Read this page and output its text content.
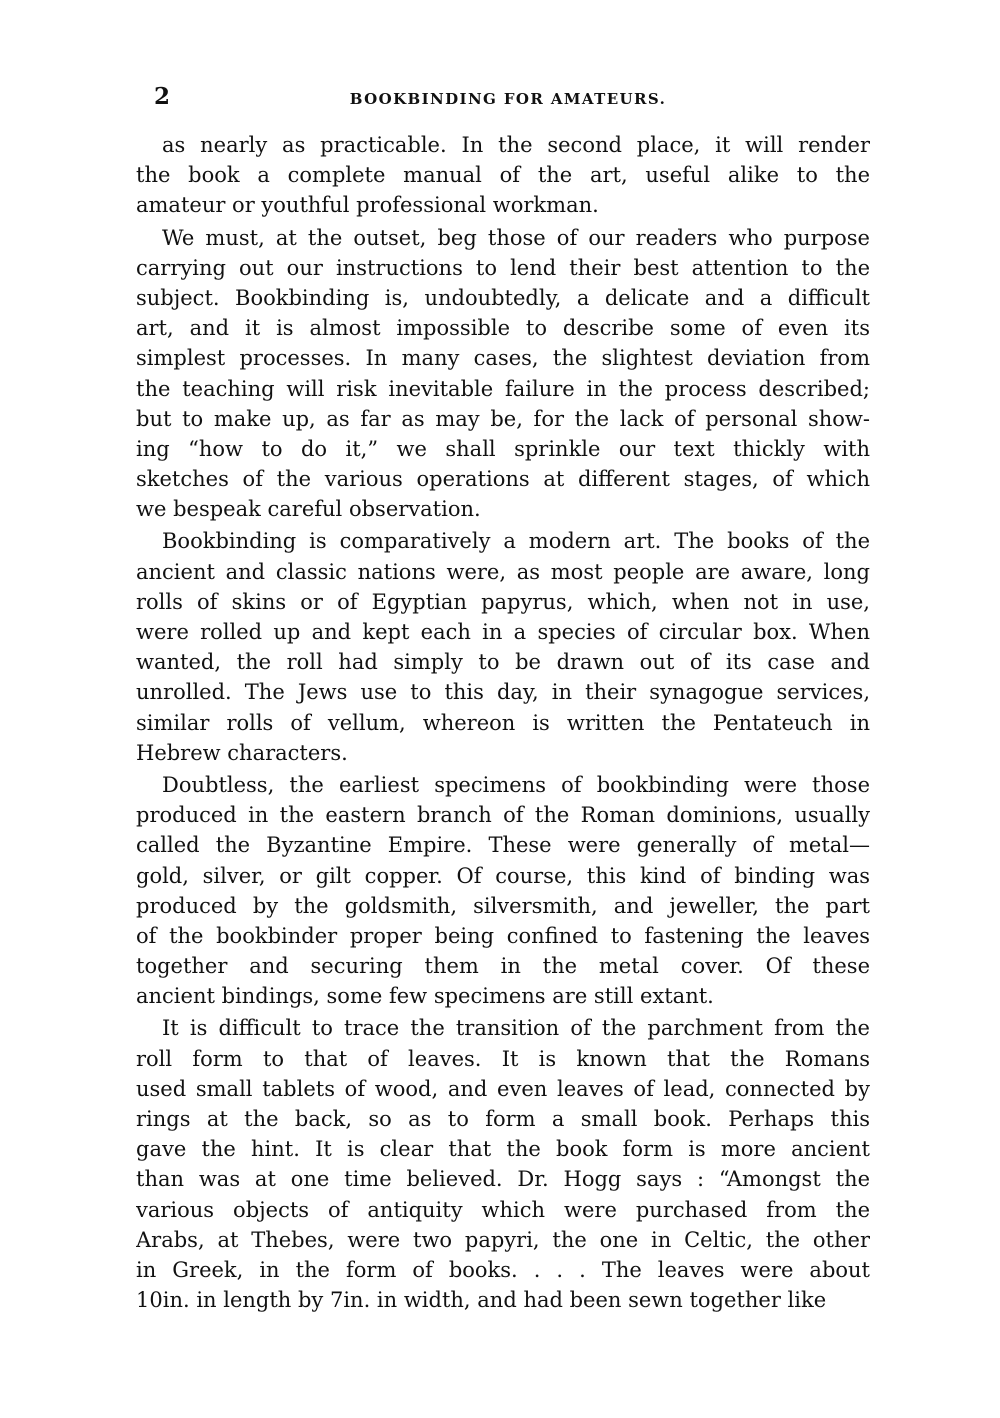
2	BOOKBINDING FOR AMATEURS.
as nearly as practicable. In the second place, it will render
the book a complete manual of the art, useful alike to the
amateur or youthful professional workman.
We must, at the outset, beg those of our readers who purpose
carrying out our instructions to lend their best attention to the
subject. Bookbinding is, undoubtedly, a delicate and a difficult
art, and it is almost impossible to describe some of even its
simplest processes. In many cases, the slightest deviation from
the teaching will risk inevitable failure in the process described;
but to make up, as far as may be, for the lack of personal show-
ing “how to do it,” we shall sprinkle our text thickly with
sketches of the various operations at different stages, of which
we bespeak careful observation.
Bookbinding is comparatively a modern art. The books of the
ancient and classic nations were, as most people are aware, long
rolls of skins or of Egyptian papyrus, which, when not in use,
were rolled up and kept each in a species of circular box. When
wanted, the roll had simply to be drawn out of its case and
unrolled. The Jews use to this day, in their synagogue services,
similar rolls of vellum, whereon is written the Pentateuch in
Hebrew characters.
Doubtless, the earliest specimens of bookbinding were those
produced in the eastern branch of the Roman dominions, usually
called the Byzantine Empire. These were generally of metal—
gold, silver, or gilt copper. Of course, this kind of binding was
produced by the goldsmith, silversmith, and jeweller, the part
of the bookbinder proper being confined to fastening the leaves
together and securing them in the metal cover. Of these
ancient bindings, some few specimens are still extant.
It is difficult to trace the transition of the parchment from the
roll form to that of leaves. It is known that the Romans
used small tablets of wood, and even leaves of lead, connected by
rings at the back, so as to form a small book. Perhaps this
gave the hint. It is clear that the book form is more ancient
than was at one time believed. Dr. Hogg says : “Amongst the
various objects of antiquity which were purchased from the
Arabs, at Thebes, were two papyri, the one in Celtic, the other
in Greek, in the form of books. . . . The leaves were about
10in. in length by 7in. in width, and had been sewn together like
